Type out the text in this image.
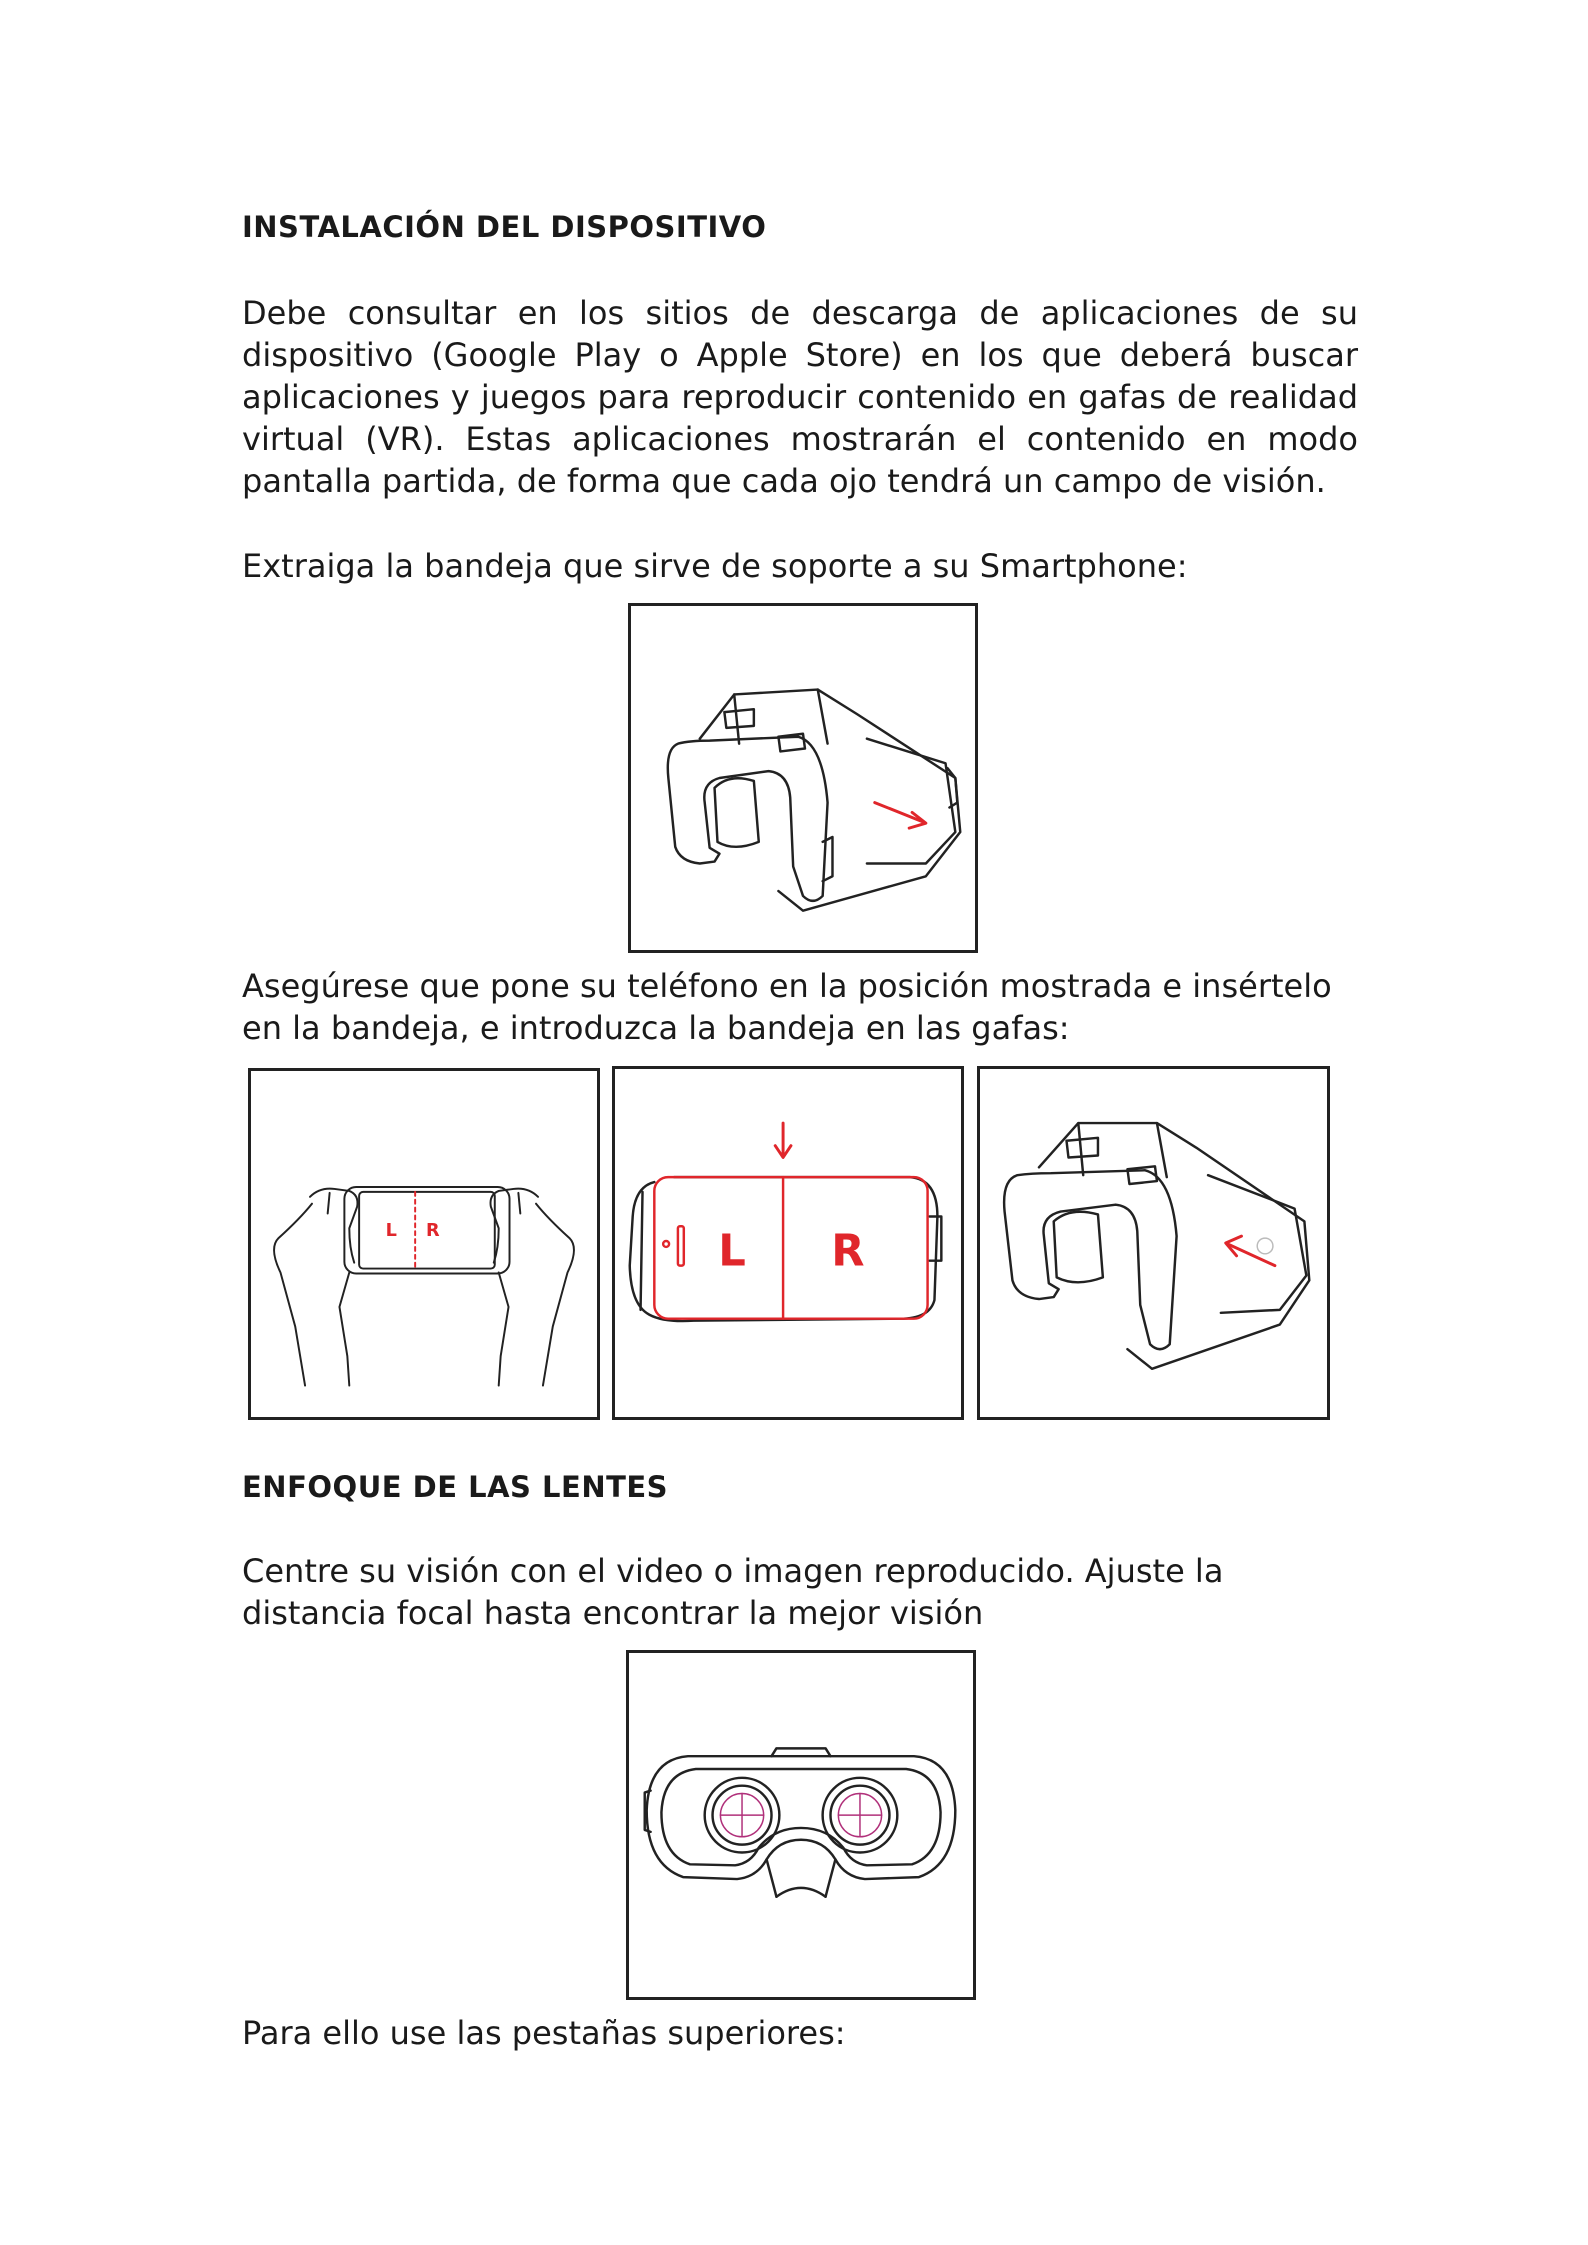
INSTALACIÓN DEL DISPOSITIVO
Debe consultar en los sitios de descarga de aplicaciones de su dispositivo (Google Play o Apple Store) en los que deberá buscar aplicaciones y juegos para reproducir contenido en gafas de realidad virtual (VR). Estas aplicaciones mostrarán el contenido en modo pantalla partida, de forma que cada ojo tendrá un campo de visión.
Extraiga la bandeja que sirve de soporte a su Smartphone:
Asegúrese que pone su teléfono en la posición mostrada e insértelo en la bandeja, e introduzca la bandeja en las gafas:
L R	L R
ENFOQUE DE LAS LENTES
Centre su visión con el video o imagen reproducido. Ajuste la distancia focal hasta encontrar la mejor visión
Para ello use las pestañas superiores:
